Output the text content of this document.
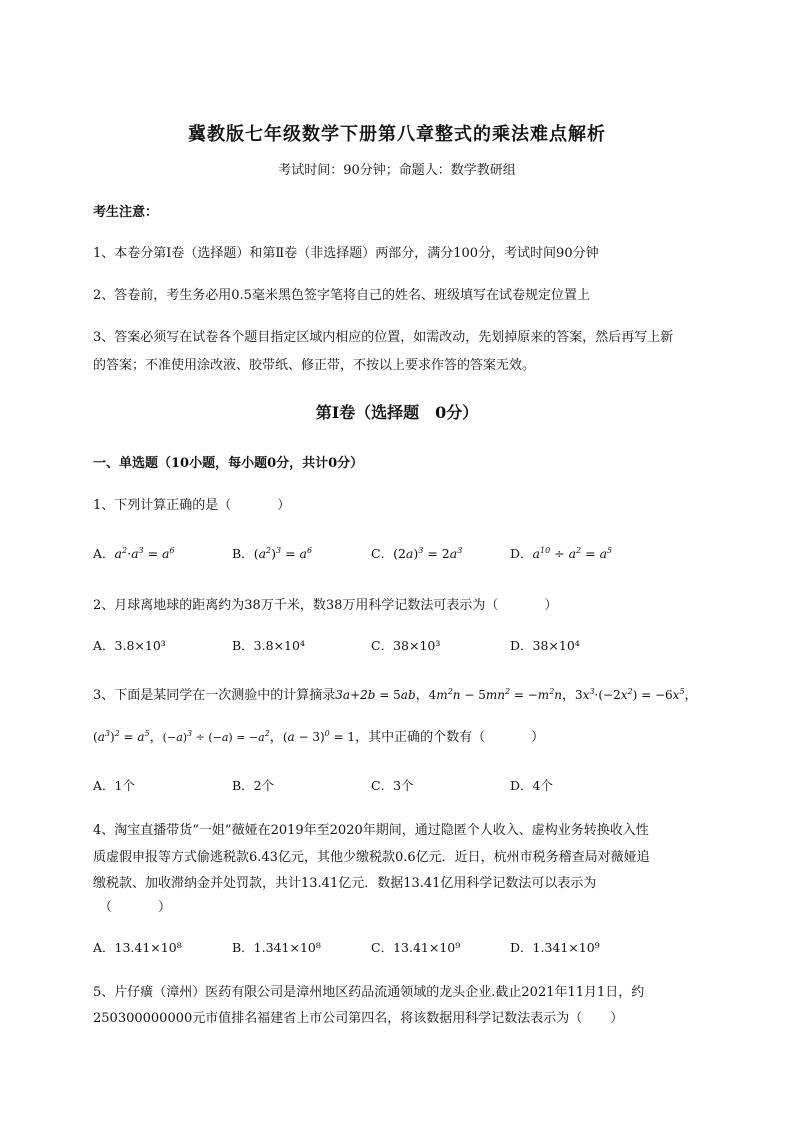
冀教版七年级数学下册第八章整式的乘法难点解析
考试时间：90分钟；命题人：数学教研组
考生注意：
1、本卷分第I卷（选择题）和第Ⅱ卷（非选择题）两部分，满分100分，考试时间90分钟
2、答卷前，考生务必用0.5毫米黑色签字笔将自己的姓名、班级填写在试卷规定位置上
3、答案必须写在试卷各个题目指定区域内相应的位置，如需改动，先划掉原来的答案，然后再写上新
的答案；不准使用涂改液、胶带纸、修正带，不按以上要求作答的答案无效。
第I卷（选择题　0分）
一、单选题（10小题，每小题0分，共计0分）
1、下列计算正确的是（	）
A．$a^2\cdot a^3 = a^6$	B．$(a^2)^3 = a^6$	C．$(2a)^3 = 2a^3$	D．$a^{10} \div a^2 = a^5$
2、月球离地球的距离约为38万千米，数38万用科学记数法可表示为（	）
A．3.8×10³	B．3.8×10⁴	C．38×10³	D．38×10⁴
3、下面是某同学在一次测验中的计算摘录3a+2b = 5ab，$4m^2n - 5mn^2 = -m^2n$，$3x^3\cdot(-2x^2) = -6x^5$，
$(a^3)^2 = a^5$，$(-a)^3 \div (-a) = -a^2$，$(a - 3)^0 = 1$，其中正确的个数有（	）
A．1个	B．2个	C．3个	D．4个
4、淘宝直播带货“一姐”薇娅在2019年至2020年期间，通过隐匿个人收入、虚构业务转换收入性
质虚假申报等方式偷逃税款6.43亿元，其他少缴税款0.6亿元．近日，杭州市税务稽查局对薇娅追
缴税款、加收滞纳金并处罚款，共计13.41亿元．数据13.41亿用科学记数法可以表示为
（	）
A．13.41×10⁸	B．1.341×10⁸	C．13.41×10⁹	D．1.341×10⁹
5、片仔癀（漳州）医药有限公司是漳州地区药品流通领域的龙头企业.截止2021年11月1日，约
250300000000元市值排名福建省上市公司第四名，将该数据用科学记数法表示为（ ）
